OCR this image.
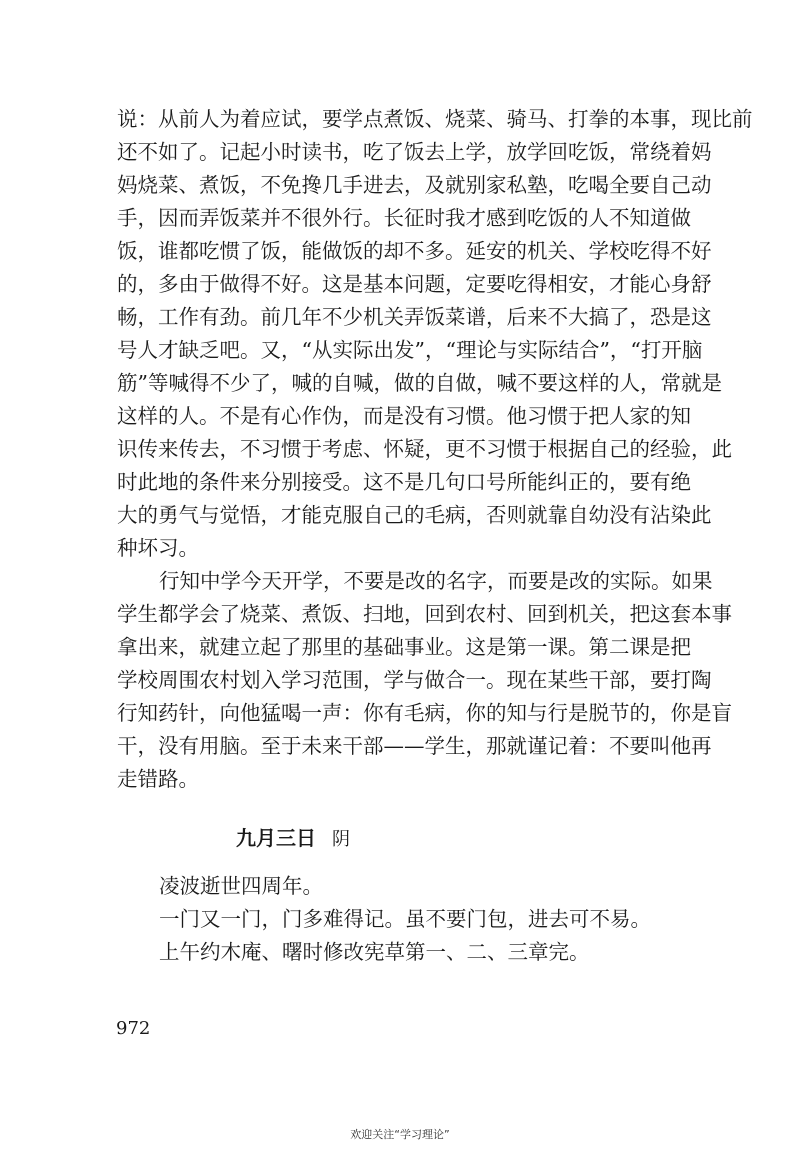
说：从前人为着应试，要学点煮饭、烧菜、骑马、打拳的本事，现比前
还不如了。记起小时读书，吃了饭去上学，放学回吃饭，常绕着妈
妈烧菜、煮饭，不免搀几手进去，及就别家私塾，吃喝全要自己动
手，因而弄饭菜并不很外行。长征时我才感到吃饭的人不知道做
饭，谁都吃惯了饭，能做饭的却不多。延安的机关、学校吃得不好
的，多由于做得不好。这是基本问题，定要吃得相安，才能心身舒
畅，工作有劲。前几年不少机关弄饭菜谱，后来不大搞了，恐是这
号人才缺乏吧。又，“从实际出发”，“理论与实际结合”，“打开脑
筋”等喊得不少了，喊的自喊，做的自做，喊不要这样的人，常就是
这样的人。不是有心作伪，而是没有习惯。他习惯于把人家的知
识传来传去，不习惯于考虑、怀疑，更不习惯于根据自己的经验，此
时此地的条件来分别接受。这不是几句口号所能纠正的，要有绝
大的勇气与觉悟，才能克服自己的毛病，否则就靠自幼没有沾染此
种坏习。
行知中学今天开学，不要是改的名字，而要是改的实际。如果
学生都学会了烧菜、煮饭、扫地，回到农村、回到机关，把这套本事
拿出来，就建立起了那里的基础事业。这是第一课。第二课是把
学校周围农村划入学习范围，学与做合一。现在某些干部，要打陶
行知药针，向他猛喝一声：你有毛病，你的知与行是脱节的，你是盲
干，没有用脑。至于未来干部——学生，那就谨记着：不要叫他再
走错路。
九月三日 阴
凌波逝世四周年。
一门又一门，门多难得记。虽不要门包，进去可不易。
上午约木庵、曙时修改宪草第一、二、三章完。
972
欢迎关注“学习理论”
